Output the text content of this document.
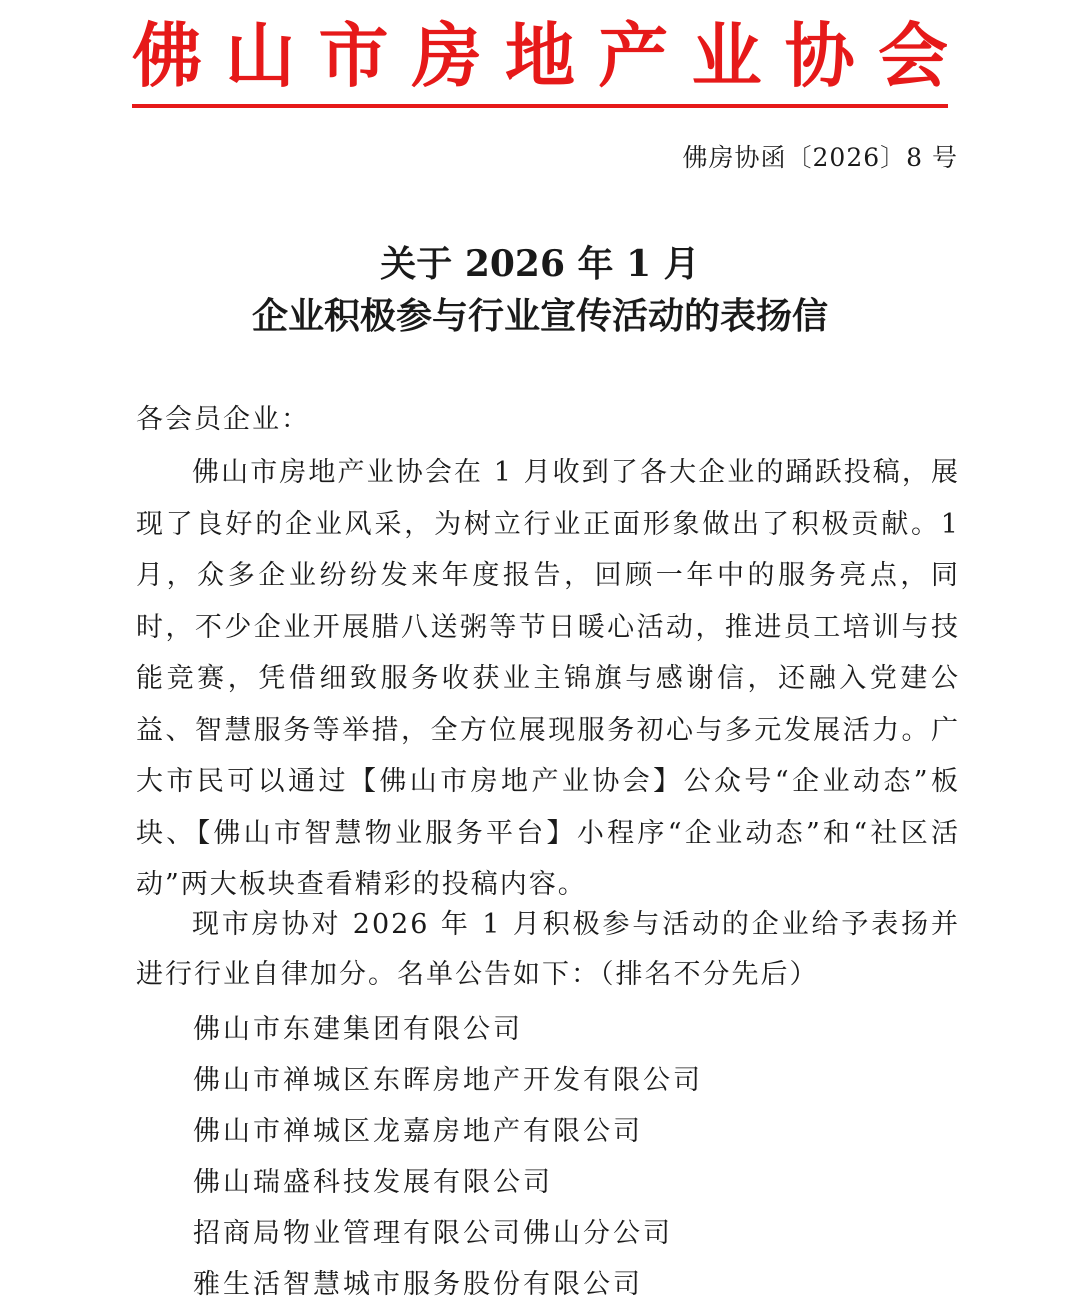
佛山市房地产业协会
佛房协函〔2026〕8 号
关于 2026 年 1 月
企业积极参与行业宣传活动的表扬信
各会员企业：

佛山市房地产业协会在 1 月收到了各大企业的踊跃投稿，展现了良好的企业风采，为树立行业正面形象做出了积极贡献。1 月，众多企业纷纷发来年度报告，回顾一年中的服务亮点，同时，不少企业开展腊八送粥等节日暖心活动，推进员工培训与技能竞赛，凭借细致服务收获业主锦旗与感谢信，还融入党建公益、智慧服务等举措，全方位展现服务初心与多元发展活力。广大市民可以通过【佛山市房地产业协会】公众号“企业动态”板块、【佛山市智慧物业服务平台】小程序“企业动态”和“社区活动”两大板块查看精彩的投稿内容。

现市房协对 2026 年 1 月积极参与活动的企业给予表扬并进行行业自律加分。名单公告如下：（排名不分先后）

佛山市东建集团有限公司
佛山市禅城区东晖房地产开发有限公司
佛山市禅城区龙嘉房地产有限公司
佛山瑞盛科技发展有限公司
招商局物业管理有限公司佛山分公司
雅生活智慧城市服务股份有限公司
